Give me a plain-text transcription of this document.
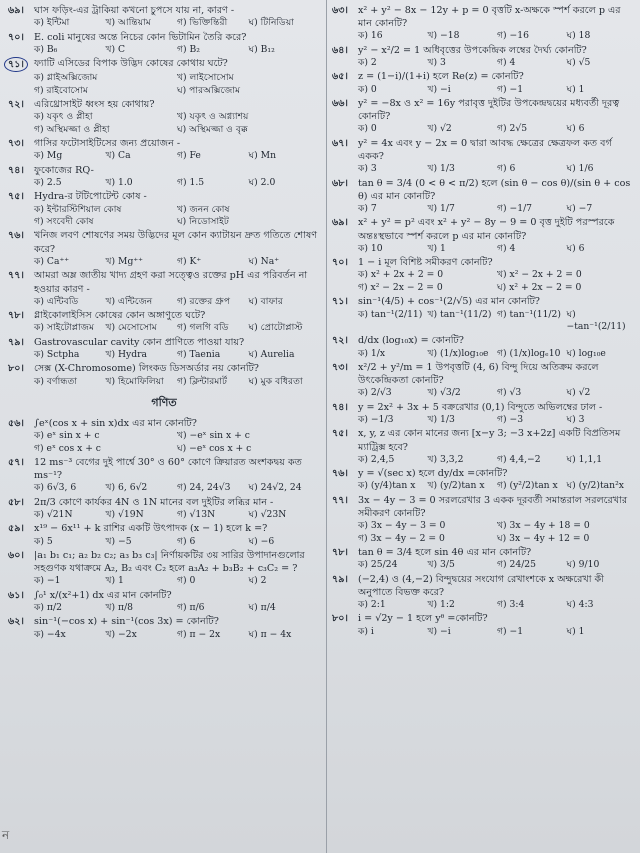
৬৯।	ঘাস ফড়িং-এর ট্রাকিয়া কখনো চুপসে যায় না, কারণ -
ক) ইন্টিমা	খ) আন্তিয়াম	গ) ভিক্তিন্তিরী	ঘ) টিনিডিয়া
৭০।	E. coli মানুষের অন্তে নিচের কোন ভিটামিন তৈরি করে?
ক) B₆	খ) C	গ) B₂	ঘ) B₁₂
৭১।	ফ্যাটি এসিডের বিপাক উদ্ভিদ কোষের কোথায় ঘটে?
ক) গ্লাইঅক্সিজোম	খ) লাইসোসোম
গ) রাইবোসোম	ঘ) পারঅক্সিজোম
৭২।	এরিথ্রোসাইট ধ্বংস হয় কোথায়?
ক) যকৃৎ ও প্লীহা	খ) যকৃৎ ও অগ্ন্যাশয়
গ) অস্থিমজ্জা ও প্লীহা	ঘ) অস্থিমজ্জা ও বৃক্ক
৭৩।	গাসির ফটোসাইটিসের জন্য প্রয়োজন -
ক) Mg	খ) Ca	গ) Fe	ঘ) Mn
৭৪।	ফুকোজের RQ-
ক) 2.5	খ) 1.0	গ) 1.5	ঘ) 2.0
৭৫।	Hydra-র টটিপোটেন্ট কোষ -
ক) ইন্টারস্টিশিয়াল কোষ	খ) জনন কোষ
গ) সংবেদী কোষ	ঘ) নিডোসাইট
৭৬।	খনিজ লবণ শোষণের সময় উদ্ভিদের মূল কোন ক্যাটায়ন দ্রুত গতিতে শোষণ করে?
ক) Ca⁺⁺	খ) Mg⁺⁺	গ) K⁺	ঘ) Na⁺
৭৭।	আমরা অম্ল জাতীয় খাদ্য গ্রহণ করা সত্ত্বেও রক্তের pH এর পরিবর্তন না হওয়ার কারণ -
ক) এন্টিবডি	খ) এন্টিজেন	গ) রক্তের গ্রুপ	ঘ) বাফার
৭৮।	গ্লাইকোলাইসিস কোষের কোন অঙ্গাণুতে ঘটে?
ক) সাইটোপ্লাজম	খ) মেসোসোম	গ) গলগি বডি	ঘ) প্রোটোপ্লাস্ট
৭৯।	Gastrovascular cavity কোন প্রাণিতে পাওয়া যায়?
ক) Sctpha	খ) Hydra	গ) Taenia	ঘ) Aurelia
৮০।	সেক্স (X-Chromosome) লিংকড ডিসঅর্ডার নয় কোনটি?
ক) বর্ণান্ধতা	খ) হিমোফিলিয়া	গ) ক্লিন্টারমার্ট	ঘ) মুক বধিরতা
গণিত
৫৬।	∫eˣ(cos x + sin x)dx এর মান কোনটি?
ক) eˣ sin x + c	খ) −eˣ sin x + c
গ) eˣ cos x + c	ঘ) −eˣ cos x + c
৫৭।	12 ms⁻³ বেগের দুই পার্শ্বে 30° ও 60° কোণে ক্রিয়ারত অংশকদ্বয় কত ms⁻¹?
ক) 6√3, 6	খ) 6, 6√2	গ) 24, 24√3	ঘ) 24√2, 24
৫৮।	2π/3 কোণে কার্যকর 4N ও 1N মানের বল দুইটির লব্ধির মান -
ক) √21N	খ) √19N	গ) √13N	ঘ) √23N
৫৯।	x¹⁹ − 6x¹¹ + k রাশির একটি উৎপাদক (x − 1) হলে k =?
ক) 5	খ) −5	গ) 6	ঘ) −6
৬০।	|a₁ b₁ c₁; a₂ b₂ c₂; a₃ b₃ c₃| নির্ণায়কটির ৩য় সারির উপাদানগুলোর সহগুণক যথাক্রমে A₂, B₂ এবং C₂ হলে a₃A₂ + b₃B₂ + c₃C₂ = ?
ক) −1	খ) 1	গ) 0	ঘ) 2
৬১।	∫₀¹ x/(x²+1) dx এর মান কোনটি?
ক) π/2	খ) π/8	গ) π/6	ঘ) π/4
৬২।	sin⁻¹(−cos x) + sin⁻¹(cos 3x) = কোনটি?
ক) −4x	খ) −2x	গ) π − 2x	ঘ) π − 4x
৬৩।	x² + y² − 8x − 12y + p = 0 বৃত্তটি x-অক্ষকে স্পর্শ করলে p এর মান কোনটি?
ক) 16	খ) −18	গ) −16	ঘ) 18
৬৪।	y² − x²/2 = 1 অধিবৃত্তের উপকেন্দ্রিক লম্বের দৈর্ঘ্য কোনটি?
ক) 2	খ) 3	গ) 4	ঘ) √5
৬৫।	z = (1−i)/(1+i) হলে Re(z) = কোনটি?
ক) 0	খ) −i	গ) −1	ঘ) 1
৬৬।	y² = −8x ও x² = 16y পরাবৃত্ত দুইটির উপকেন্দ্রদ্বয়ের মধ্যবর্তী দূরত্ব কোনটি?
ক) 0	খ) √2	গ) 2√5	ঘ) 6
৬৭।	y² = 4x এবং y − 2x = 0 দ্বারা আবদ্ধ ক্ষেত্রের ক্ষেত্রফল কত বর্গ একক?
ক) 3	খ) 1/3	গ) 6	ঘ) 1/6
৬৮।	tan θ = 3/4 (0 < θ < π/2) হলে (sin θ − cos θ)/(sin θ + cos θ) এর মান কোনটি?
ক) 7	খ) 1/7	গ) −1/7	ঘ) −7
৬৯।	x² + y² = p² এবং x² + y² − 8y − 9 = 0 বৃত্ত দুইটি পরস্পরকে অন্তঃস্থভাবে স্পর্শ করলে p এর মান কোনটি?
ক) 10	খ) 1	গ) 4	ঘ) 6
৭০।	1 − i মূল বিশিষ্ট সমীকরণ কোনটি?
ক) x² + 2x + 2 = 0	খ) x² − 2x + 2 = 0
গ) x² − 2x − 2 = 0	ঘ) x² + 2x − 2 = 0
৭১।	sin⁻¹(4/5) + cos⁻¹(2/√5) এর মান কোনটি?
ক) tan⁻¹(2/11) খ) tan⁻¹(11/2) গ) tan⁻¹(11/2) ঘ) −tan⁻¹(2/11)
৭২।	d/dx (log₁₀x) = কোনটি?
ক) 1/x	খ) (1/x)log₁₀e গ) (1/x)logₑ10 ঘ) log₁₀e
৭৩।	x²/2 + y²/m = 1 উপবৃত্তটি (4, 6) বিন্দু দিয়ে অতিক্রম করলে উৎকেন্দ্রিকতা কোনটি?
ক) 2/√3	খ) √3/2	গ) √3	ঘ) √2
৭৪।	y = 2x² + 3x + 5 বক্ররেখার (0,1) বিন্দুতে অভিলম্বের ঢাল -
ক) −1/3	খ) 1/3	গ) −3	ঘ) 3
৭৫।	x, y, z এর কোন মানের জন্য [x−y 3; −3 x+2z] একটি বিপ্রতিসম ম্যাট্রিক্স হবে?
ক) 2,4,5	খ) 3,3,2	গ) 4,4,−2	ঘ) 1,1,1
৭৬।	y = √(sec x) হলে dy/dx =কোনটি?
ক) (y/4)tan x	খ) (y/2)tan x	গ) (y²/2)tan x ঘ) (y/2)tan²x
৭৭।	3x − 4y − 3 = 0 সরলরেখার 3 একক দূরবর্তী সমান্তরাল সরলরেখার সমীকরণ কোনটি?
ক) 3x − 4y − 3 = 0	খ) 3x − 4y + 18 = 0
গ) 3x − 4y − 2 = 0	ঘ) 3x − 4y + 12 = 0
৭৮।	tan θ = 3/4 হলে sin 4θ এর মান কোনটি?
ক) 25/24	খ) 3/5	গ) 24/25	ঘ) 9/10
৭৯।	(−2,4) ও (4,−2) বিন্দুদ্বয়ের সংযোগ রেখাংশকে x অক্ষরেখা কী অনুপাতে বিভক্ত করে?
ক) 2:1	খ) 1:2	গ) 3:4	ঘ) 4:3
৮০।	i = √2y − 1 হলে yᶿ =কোনটি?
ক) i	খ) −i	গ) −1	ঘ) 1
ন
